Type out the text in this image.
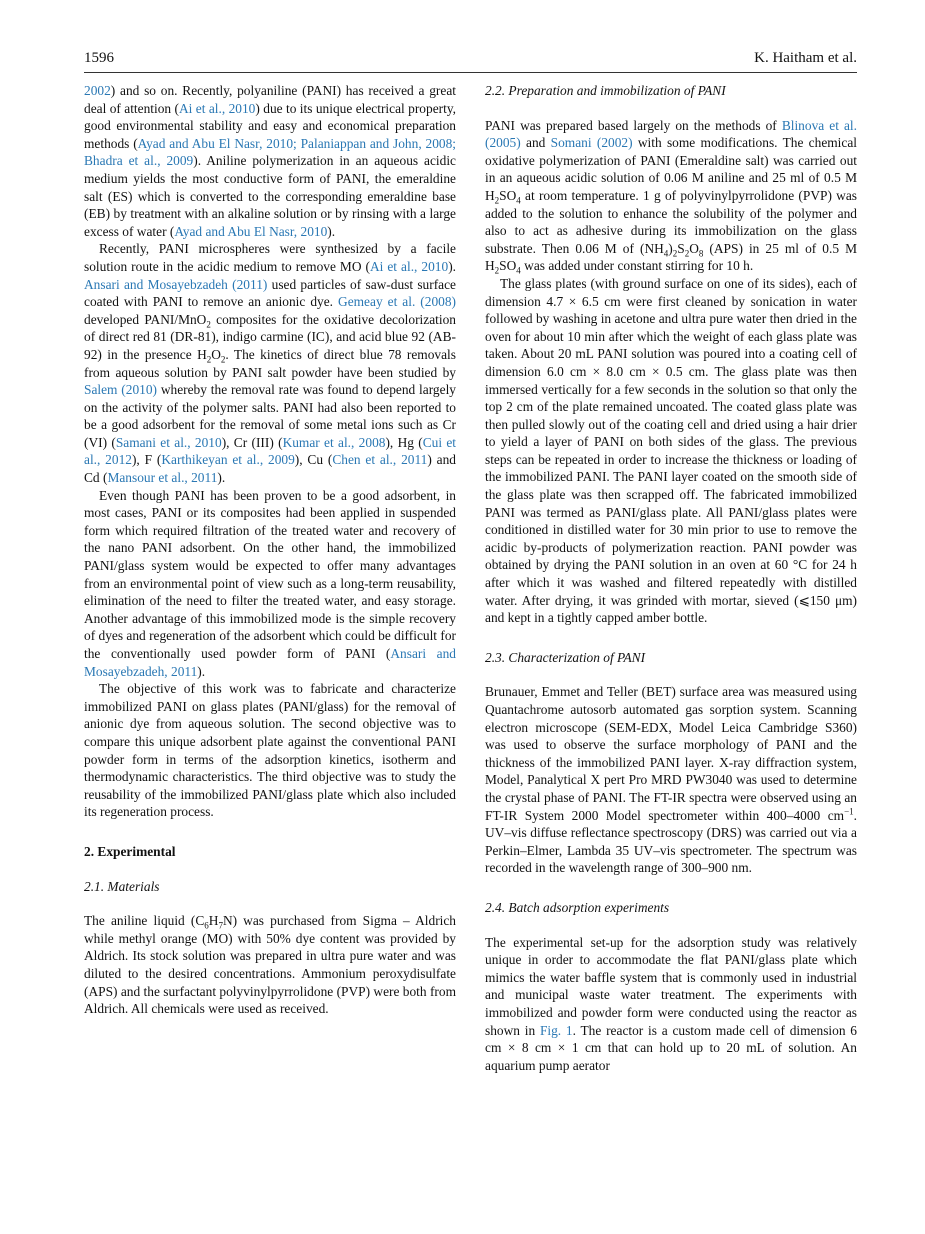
1596	K. Haitham et al.

2002) and so on. Recently, polyaniline (PANI) has received a great deal of attention (Ai et al., 2010) due to its unique electrical property, good environmental stability and easy and economical preparation methods (Ayad and Abu El Nasr, 2010; Palaniappan and John, 2008; Bhadra et al., 2009). Aniline polymerization in an aqueous acidic medium yields the most conductive form of PANI, the emeraldine salt (ES) which is converted to the corresponding emeraldine base (EB) by treatment with an alkaline solution or by rinsing with a large excess of water (Ayad and Abu El Nasr, 2010).

Recently, PANI microspheres were synthesized by a facile solution route in the acidic medium to remove MO (Ai et al., 2010). Ansari and Mosayebzadeh (2011) used particles of saw-dust surface coated with PANI to remove an anionic dye. Gemeay et al. (2008) developed PANI/MnO$_2$ composites for the oxidative decolorization of direct red 81 (DR-81), indigo carmine (IC), and acid blue 92 (AB-92) in the presence $H_2O_2$. The kinetics of direct blue 78 removals from aqueous solution by PANI salt powder have been studied by Salem (2010) whereby the removal rate was found to depend largely on the activity of the polymer salts. PANI had also been reported to be a good adsorbent for the removal of some metal ions such as Cr (VI) (Samani et al., 2010), Cr (III) (Kumar et al., 2008), Hg (Cui et al., 2012), F (Karthikeyan et al., 2009), Cu (Chen et al., 2011) and Cd (Mansour et al., 2011).

Even though PANI has been proven to be a good adsorbent, in most cases, PANI or its composites had been applied in suspended form which required filtration of the treated water and recovery of the nano PANI adsorbent. On the other hand, the immobilized PANI/glass system would be expected to offer many advantages from an environmental point of view such as a long-term reusability, elimination of the need to filter the treated water, and easy storage. Another advantage of this immobilized mode is the simple recovery of dyes and regeneration of the adsorbent which could be difficult for the conventionally used powder form of PANI (Ansari and Mosayebzadeh, 2011).

The objective of this work was to fabricate and characterize immobilized PANI on glass plates (PANI/glass) for the removal of anionic dye from aqueous solution. The second objective was to compare this unique adsorbent plate against the conventional PANI powder form in terms of the adsorption kinetics, isotherm and thermodynamic characteristics. The third objective was to study the reusability of the immobilized PANI/glass plate which also included its regeneration process.

2. Experimental
2.1. Materials

The aniline liquid $(C_6H_7N)$ was purchased from Sigma – Aldrich while methyl orange (MO) with 50% dye content was provided by Aldrich. Its stock solution was prepared in ultra pure water and was diluted to the desired concentrations. Ammonium peroxydisulfate (APS) and the surfactant polyvinylpyrrolidone (PVP) were both from Aldrich. All chemicals were used as received.

2.2. Preparation and immobilization of PANI

PANI was prepared based largely on the methods of Blinova et al. (2005) and Somani (2002) with some modifications. The chemical oxidative polymerization of PANI (Emeraldine salt) was carried out in an aqueous acidic solution of 0.06 M aniline and 25 ml of 0.5 M $H_2SO_4$ at room temperature. 1 g of polyvinylpyrrolidone (PVP) was added to the solution to enhance the solubility of the polymer and also to act as adhesive during its immobilization on the glass substrate. Then 0.06 M of $(NH_4)_2S_2O_8$ (APS) in 25 ml of 0.5 M $H_2SO_4$ was added under constant stirring for 10 h.

The glass plates (with ground surface on one of its sides), each of dimension 4.7 × 6.5 cm were first cleaned by sonication in water followed by washing in acetone and ultra pure water then dried in the oven for about 10 min after which the weight of each glass plate was taken. About 20 mL PANI solution was poured into a coating cell of dimension 6.0 cm × 8.0 cm × 0.5 cm. The glass plate was then immersed vertically for a few seconds in the solution so that only the top 2 cm of the plate remained uncoated. The coated glass plate was then pulled slowly out of the coating cell and dried using a hair drier to yield a layer of PANI on both sides of the glass. The previous steps can be repeated in order to increase the thickness or loading of the immobilized PANI. The PANI layer coated on the smooth side of the glass plate was then scrapped off. The fabricated immobilized PANI was termed as PANI/glass plate. All PANI/glass plates were conditioned in distilled water for 30 min prior to use to remove the acidic by-products of polymerization reaction. PANI powder was obtained by drying the PANI solution in an oven at 60 °C for 24 h after which it was washed and filtered repeatedly with distilled water. After drying, it was grinded with mortar, sieved (⩽150 μm) and kept in a tightly capped amber bottle.

2.3. Characterization of PANI

Brunauer, Emmet and Teller (BET) surface area was measured using Quantachrome autosorb automated gas sorption system. Scanning electron microscope (SEM-EDX, Model Leica Cambridge S360) was used to observe the surface morphology of PANI and the thickness of the immobilized PANI layer. X-ray diffraction system, Model, Panalytical X pert Pro MRD PW3040 was used to determine the crystal phase of PANI. The FT-IR spectra were observed using an FT-IR System 2000 Model spectrometer within 400–4000 $cm^{-1}$. UV–vis diffuse reflectance spectroscopy (DRS) was carried out via a Perkin–Elmer, Lambda 35 UV–vis spectrometer. The spectrum was recorded in the wavelength range of 300–900 nm.

2.4. Batch adsorption experiments

The experimental set-up for the adsorption study was relatively unique in order to accommodate the flat PANI/glass plate which mimics the water baffle system that is commonly used in industrial and municipal waste water treatment. The experiments with immobilized and powder form were conducted using the reactor as shown in Fig. 1. The reactor is a custom made cell of dimension 6 cm × 8 cm × 1 cm that can hold up to 20 mL of solution. An aquarium pump aerator
